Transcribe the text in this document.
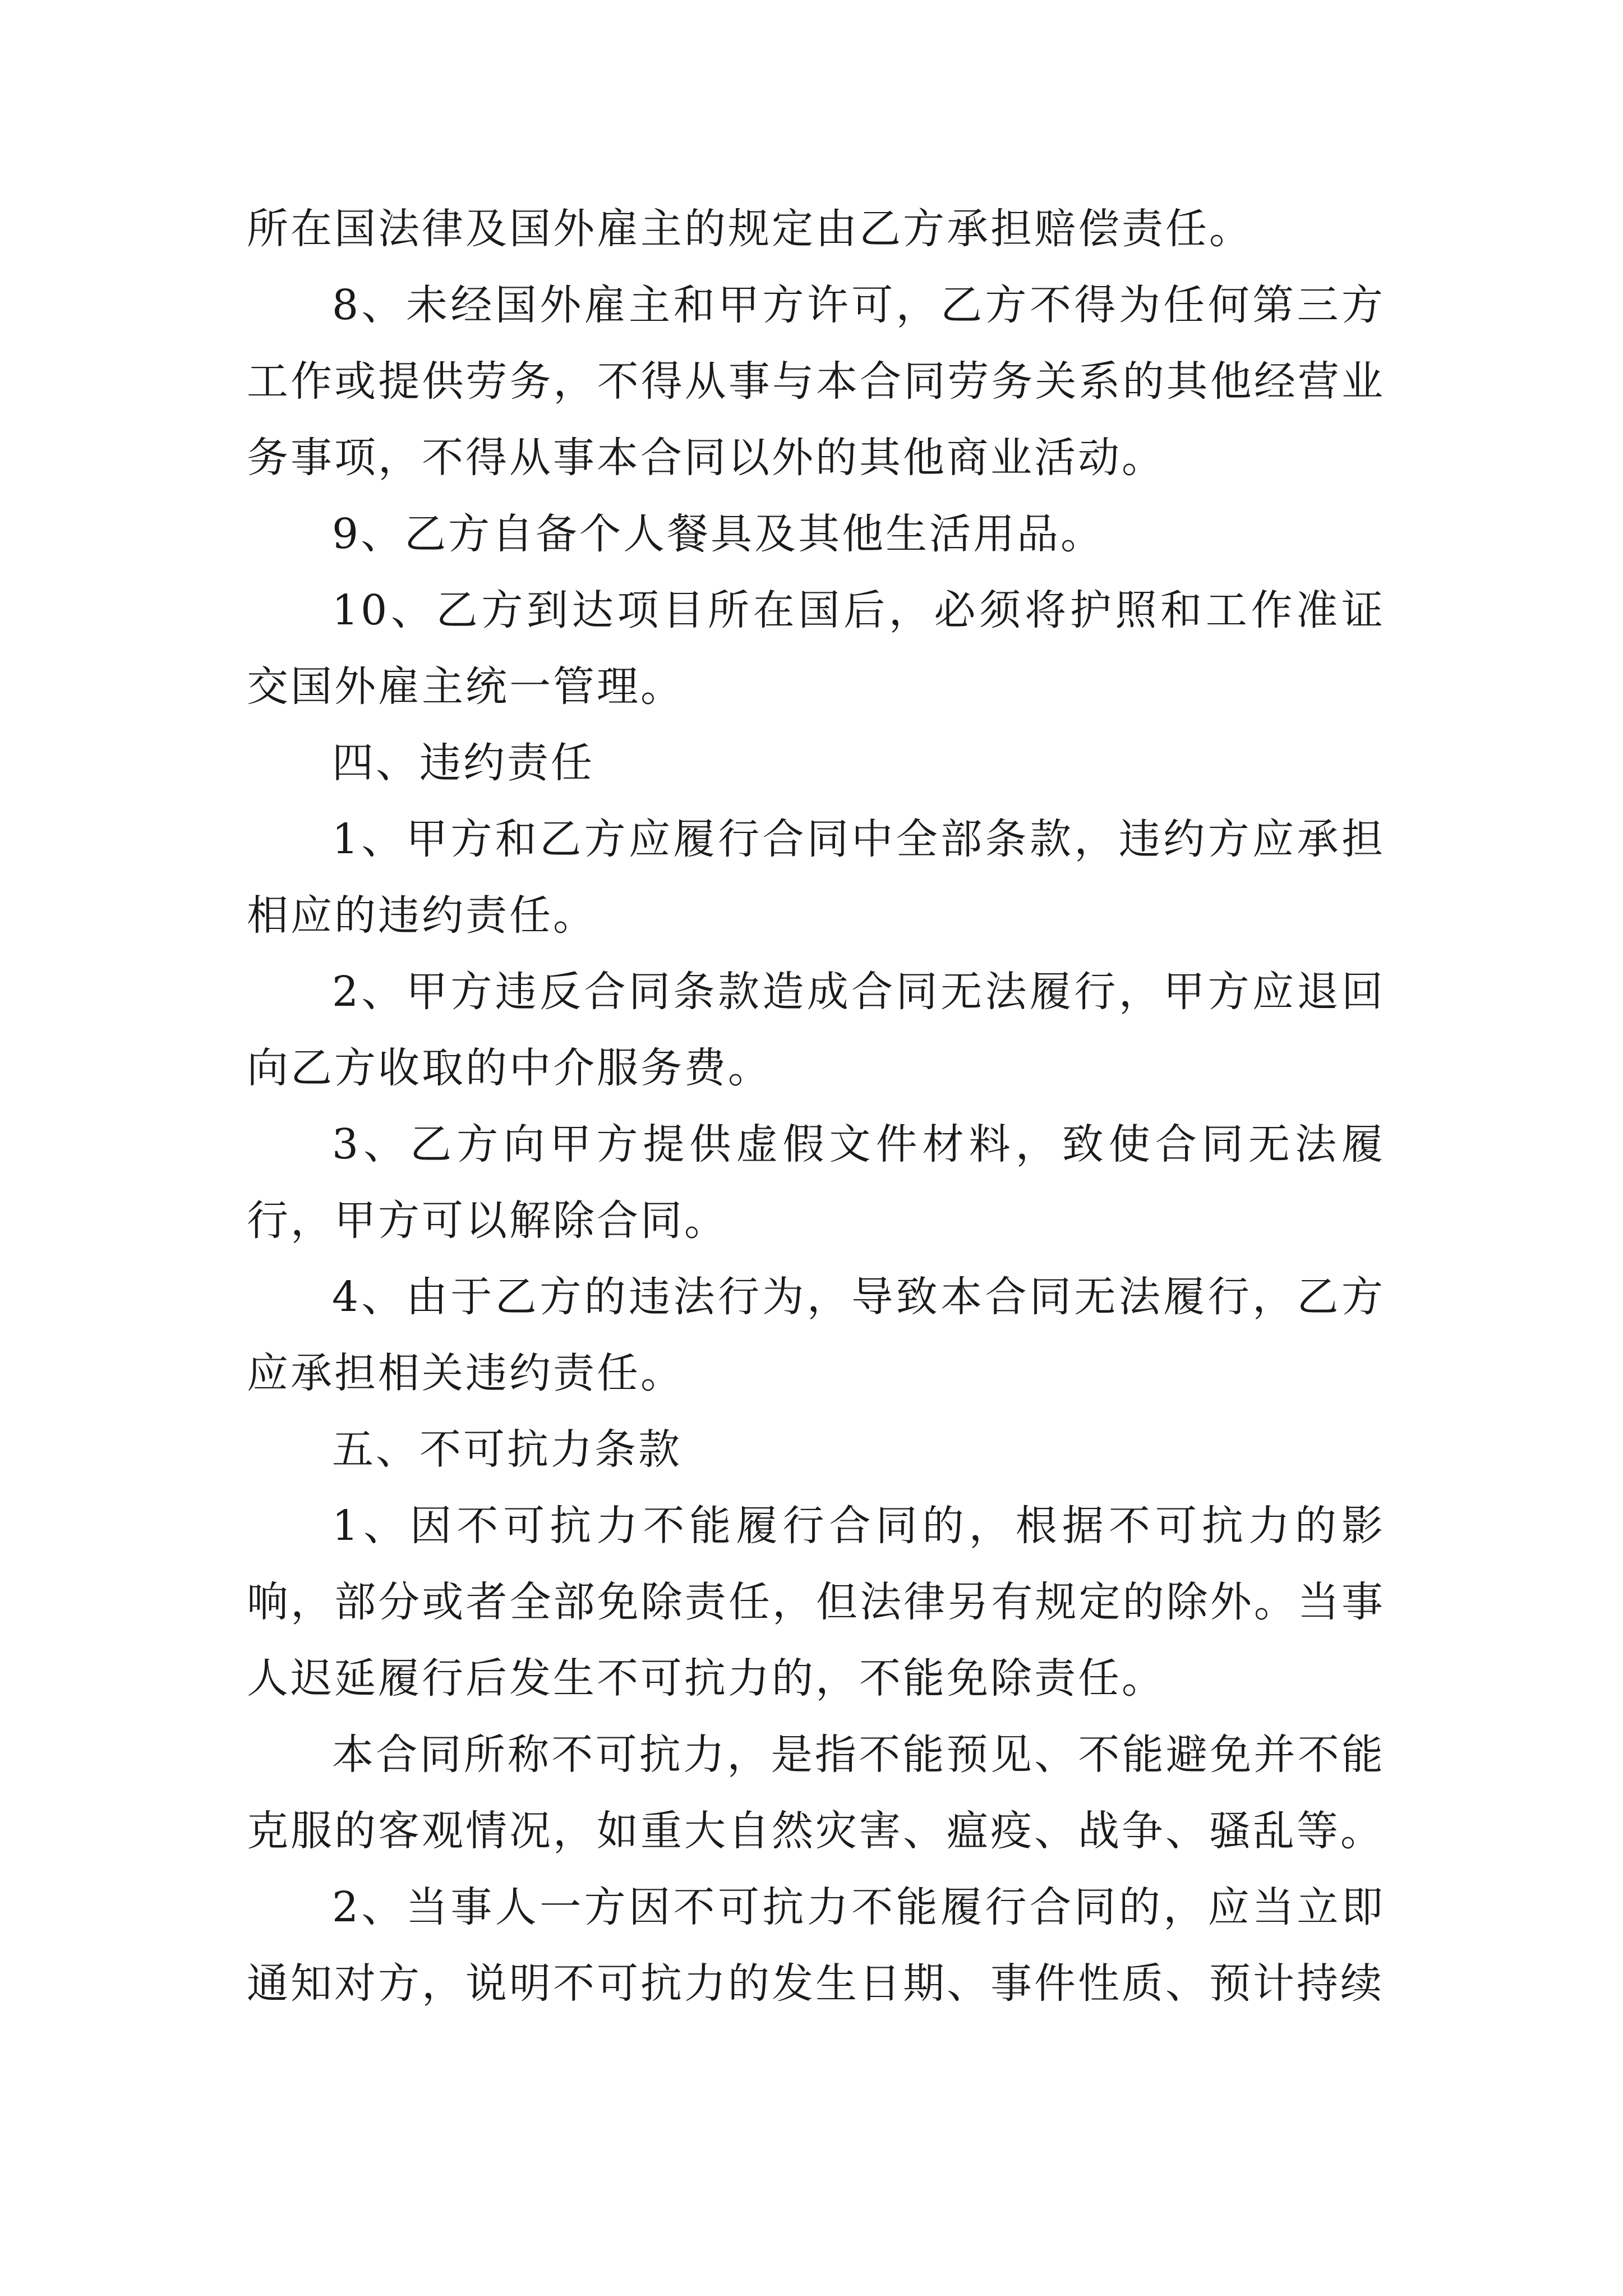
所在国法律及国外雇主的规定由乙方承担赔偿责任。

8、未经国外雇主和甲方许可，乙方不得为任何第三方工作或提供劳务，不得从事与本合同劳务关系的其他经营业务事项，不得从事本合同以外的其他商业活动。

9、乙方自备个人餐具及其他生活用品。

10、乙方到达项目所在国后，必须将护照和工作准证交国外雇主统一管理。

四、违约责任

1、甲方和乙方应履行合同中全部条款，违约方应承担相应的违约责任。

2、甲方违反合同条款造成合同无法履行，甲方应退回向乙方收取的中介服务费。

3、乙方向甲方提供虚假文件材料，致使合同无法履行，甲方可以解除合同。

4、由于乙方的违法行为，导致本合同无法履行，乙方应承担相关违约责任。

五、不可抗力条款

1、因不可抗力不能履行合同的，根据不可抗力的影响，部分或者全部免除责任，但法律另有规定的除外。当事人迟延履行后发生不可抗力的，不能免除责任。

本合同所称不可抗力，是指不能预见、不能避免并不能克服的客观情况，如重大自然灾害、瘟疫、战争、骚乱等。

2、当事人一方因不可抗力不能履行合同的，应当立即通知对方，说明不可抗力的发生日期、事件性质、预计持续
